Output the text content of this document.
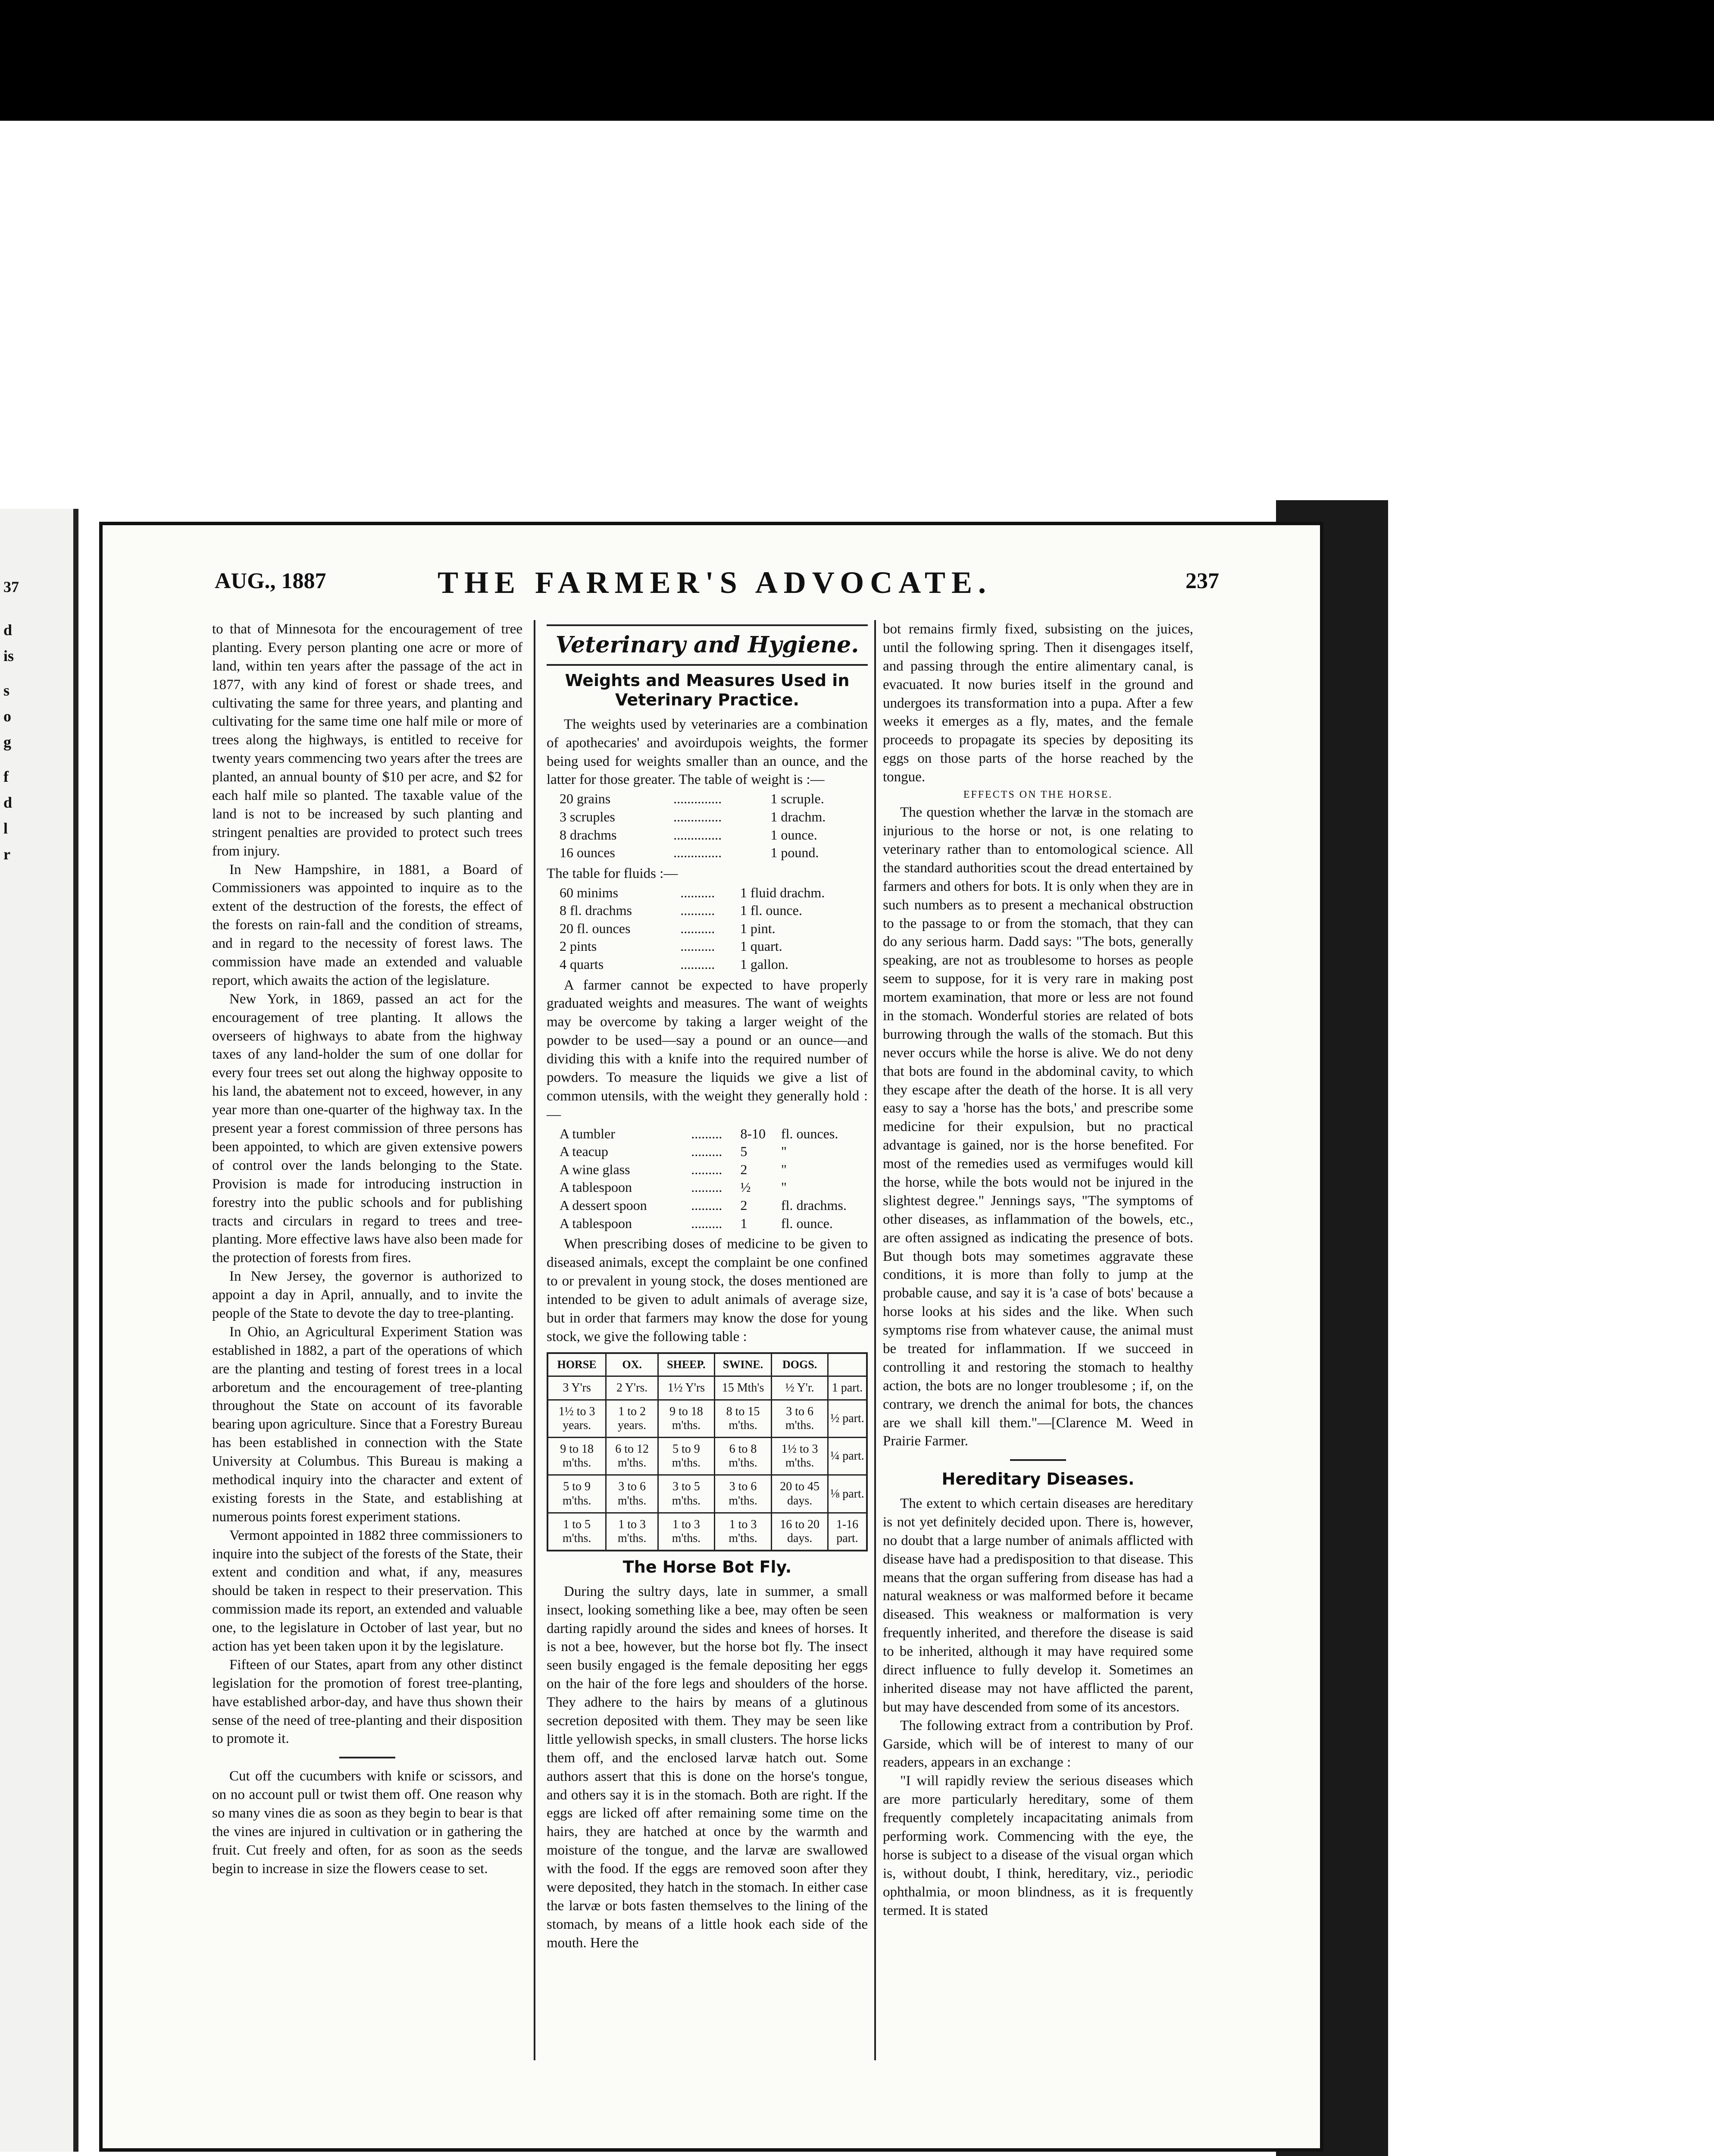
37
d
is
s
o
g
f
d
l
r
AUG., 1887	THE FARMER'S ADVOCATE.	237

to that of Minnesota for the encouragement of tree planting. Every person planting one acre or more of land, within ten years after the passage of the act in 1877, with any kind of forest or shade trees, and cultivating the same for three years, and planting and cultivating for the same time one half mile or more of trees along the highways, is entitled to receive for twenty years commencing two years after the trees are planted, an annual bounty of $10 per acre, and $2 for each half mile so planted. The taxable value of the land is not to be increased by such planting and stringent penalties are provided to protect such trees from injury.

In New Hampshire, in 1881, a Board of Commissioners was appointed to inquire as to the extent of the destruction of the forests, the effect of the forests on rain-fall and the condition of streams, and in regard to the necessity of forest laws. The commission have made an extended and valuable report, which awaits the action of the legislature.

New York, in 1869, passed an act for the encouragement of tree planting. It allows the overseers of highways to abate from the highway taxes of any land-holder the sum of one dollar for every four trees set out along the highway opposite to his land, the abatement not to exceed, however, in any year more than one-quarter of the highway tax. In the present year a forest commission of three persons has been appointed, to which are given extensive powers of control over the lands belonging to the State. Provision is made for introducing instruction in forestry into the public schools and for publishing tracts and circulars in regard to trees and tree-planting. More effective laws have also been made for the protection of forests from fires.

In New Jersey, the governor is authorized to appoint a day in April, annually, and to invite the people of the State to devote the day to tree-planting.

In Ohio, an Agricultural Experiment Station was established in 1882, a part of the operations of which are the planting and testing of forest trees in a local arboretum and the encouragement of tree-planting throughout the State on account of its favorable bearing upon agriculture. Since that a Forestry Bureau has been established in connection with the State University at Columbus. This Bureau is making a methodical inquiry into the character and extent of existing forests in the State, and establishing at numerous points forest experiment stations.

Vermont appointed in 1882 three commissioners to inquire into the subject of the forests of the State, their extent and condition and what, if any, measures should be taken in respect to their preservation. This commission made its report, an extended and valuable one, to the legislature in October of last year, but no action has yet been taken upon it by the legislature.

Fifteen of our States, apart from any other distinct legislation for the promotion of forest tree-planting, have established arbor-day, and have thus shown their sense of the need of tree-planting and their disposition to promote it.

Cut off the cucumbers with knife or scissors, and on no account pull or twist them off. One reason why so many vines die as soon as they begin to bear is that the vines are injured in cultivation or in gathering the fruit. Cut freely and often, for as soon as the seeds begin to increase in size the flowers cease to set.

Veterinary and Hygiene.
Weights and Measures Used in Veterinary Practice.

The weights used by veterinaries are a combination of apothecaries' and avoirdupois weights, the former being used for weights smaller than an ounce, and the latter for those greater. The table of weight is :—

20 grains	..............	1 scruple.
3 scruples	..............	1 drachm.
8 drachms	..............	1 ounce.
16 ounces	..............	1 pound.

The table for fluids :—

60 minims	..........	1 fluid drachm.
8 fl. drachms	..........	1 fl. ounce.
20 fl. ounces	..........	1 pint.
2 pints	..........	1 quart.
4 quarts	..........	1 gallon.

A farmer cannot be expected to have properly graduated weights and measures. The want of weights may be overcome by taking a larger weight of the powder to be used—say a pound or an ounce—and dividing this with a knife into the required number of powders. To measure the liquids we give a list of common utensils, with the weight they generally hold :—

A tumbler	.........	8-10	fl. ounces.
A teacup	.........	5	"
A wine glass	.........	2	"
A tablespoon	.........	½	"
A dessert spoon	.........	2	fl. drachms.
A tablespoon	.........	1	fl. ounce.

When prescribing doses of medicine to be given to diseased animals, except the complaint be one confined to or prevalent in young stock, the doses mentioned are intended to be given to adult animals of average size, but in order that farmers may know the dose for young stock, we give the following table :

HORSE	OX.	SHEEP.	SWINE.	DOGS.	
3 Y'rs	2 Y'rs.	1½ Y'rs	15 Mth's	½ Y'r.	1 part.
1½ to 3 years.	1 to 2 years.	9 to 18 m'ths.	8 to 15 m'ths.	3 to 6 m'ths.	½ part.
9 to 18 m'ths.	6 to 12 m'ths.	5 to 9 m'ths.	6 to 8 m'ths.	1½ to 3 m'ths.	¼ part.
5 to 9 m'ths.	3 to 6 m'ths.	3 to 5 m'ths.	3 to 6 m'ths.	20 to 45 days.	⅛ part.
1 to 5 m'ths.	1 to 3 m'ths.	1 to 3 m'ths.	1 to 3 m'ths.	16 to 20 days.	1-16 part.
The Horse Bot Fly.

During the sultry days, late in summer, a small insect, looking something like a bee, may often be seen darting rapidly around the sides and knees of horses. It is not a bee, however, but the horse bot fly. The insect seen busily engaged is the female depositing her eggs on the hair of the fore legs and shoulders of the horse. They adhere to the hairs by means of a glutinous secretion deposited with them. They may be seen like little yellowish specks, in small clusters. The horse licks them off, and the enclosed larvæ hatch out. Some authors assert that this is done on the horse's tongue, and others say it is in the stomach. Both are right. If the eggs are licked off after remaining some time on the hairs, they are hatched at once by the warmth and moisture of the tongue, and the larvæ are swallowed with the food. If the eggs are removed soon after they were deposited, they hatch in the stomach. In either case the larvæ or bots fasten themselves to the lining of the stomach, by means of a little hook each side of the mouth. Here the

bot remains firmly fixed, subsisting on the juices, until the following spring. Then it disengages itself, and passing through the entire alimentary canal, is evacuated. It now buries itself in the ground and undergoes its transformation into a pupa. After a few weeks it emerges as a fly, mates, and the female proceeds to propagate its species by depositing its eggs on those parts of the horse reached by the tongue.

EFFECTS ON THE HORSE.

The question whether the larvæ in the stomach are injurious to the horse or not, is one relating to veterinary rather than to entomological science. All the standard authorities scout the dread entertained by farmers and others for bots. It is only when they are in such numbers as to present a mechanical obstruction to the passage to or from the stomach, that they can do any serious harm. Dadd says: "The bots, generally speaking, are not as troublesome to horses as people seem to suppose, for it is very rare in making post mortem examination, that more or less are not found in the stomach. Wonderful stories are related of bots burrowing through the walls of the stomach. But this never occurs while the horse is alive. We do not deny that bots are found in the abdominal cavity, to which they escape after the death of the horse. It is all very easy to say a 'horse has the bots,' and prescribe some medicine for their expulsion, but no practical advantage is gained, nor is the horse benefited. For most of the remedies used as vermifuges would kill the horse, while the bots would not be injured in the slightest degree." Jennings says, "The symptoms of other diseases, as inflammation of the bowels, etc., are often assigned as indicating the presence of bots. But though bots may sometimes aggravate these conditions, it is more than folly to jump at the probable cause, and say it is 'a case of bots' because a horse looks at his sides and the like. When such symptoms rise from whatever cause, the animal must be treated for inflammation. If we succeed in controlling it and restoring the stomach to healthy action, the bots are no longer troublesome ; if, on the contrary, we drench the animal for bots, the chances are we shall kill them."—[Clarence M. Weed in Prairie Farmer.

Hereditary Diseases.

The extent to which certain diseases are hereditary is not yet definitely decided upon. There is, however, no doubt that a large number of animals afflicted with disease have had a predisposition to that disease. This means that the organ suffering from disease has had a natural weakness or was malformed before it became diseased. This weakness or malformation is very frequently inherited, and therefore the disease is said to be inherited, although it may have required some direct influence to fully develop it. Sometimes an inherited disease may not have afflicted the parent, but may have descended from some of its ancestors.

The following extract from a contribution by Prof. Garside, which will be of interest to many of our readers, appears in an exchange :

"I will rapidly review the serious diseases which are more particularly hereditary, some of them frequently completely incapacitating animals from performing work. Commencing with the eye, the horse is subject to a disease of the visual organ which is, without doubt, I think, hereditary, viz., periodic ophthalmia, or moon blindness, as it is frequently termed. It is stated
